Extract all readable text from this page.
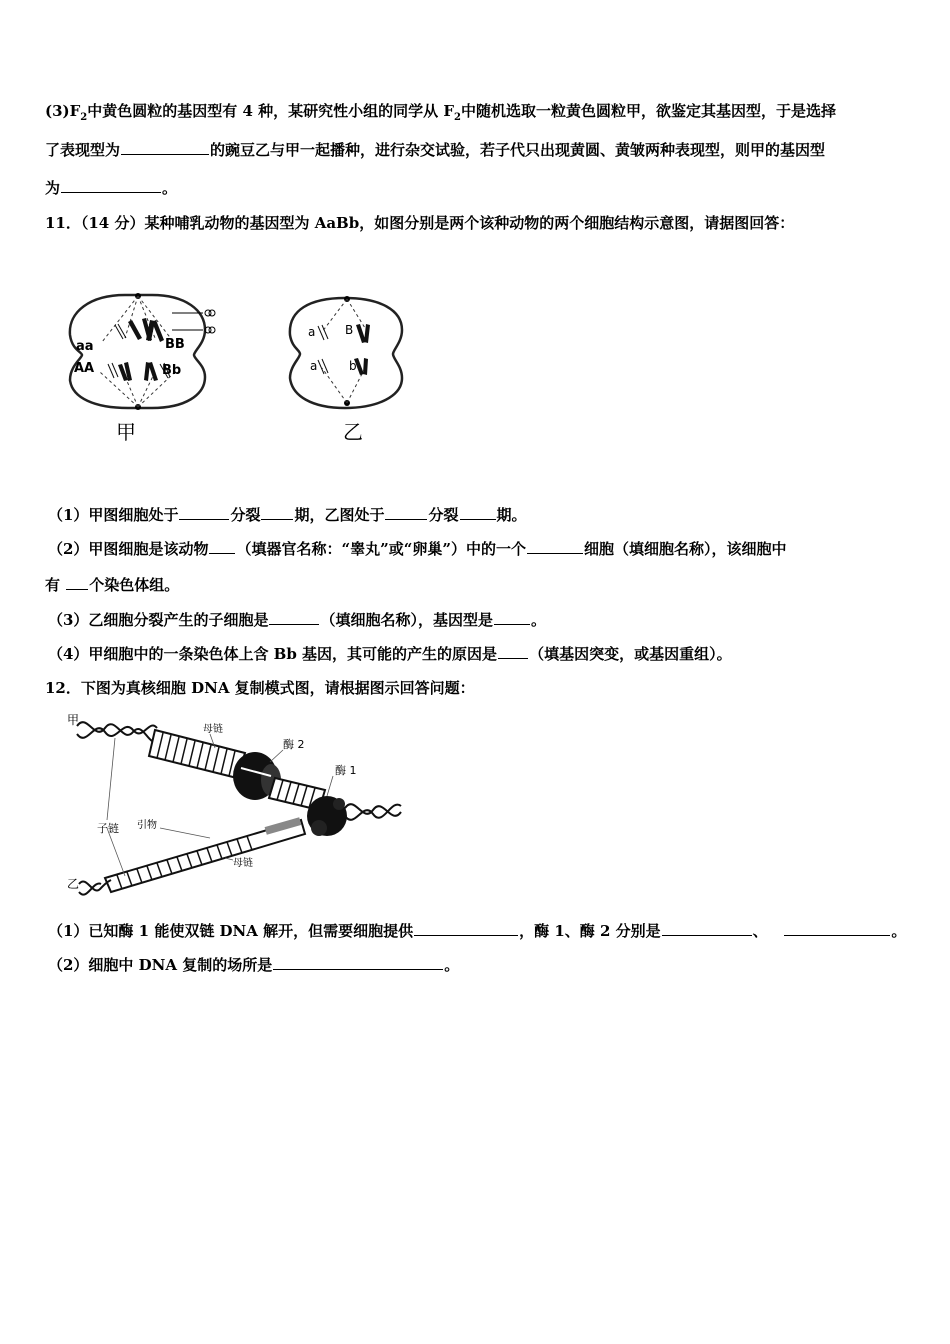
$(3)F_2$中黄色圆粒的基因型有 4 种，某研究性小组的同学从 $F_2$中随机选取一粒黄色圆粒甲，欲鉴定其基因型，于是选择
了表现型为	的豌豆乙与甲一起播种，进行杂交试验，若子代只出现黄圆、黄皱两种表现型，则甲的基因型
为	。
11．（14 分）某种哺乳动物的基因型为 AaBb，如图分别是两个该种动物的两个细胞结构示意图，请据图回答：
aa
AA
BB
Bb
甲
a B
a	b
乙
（1）甲图细胞处于	分裂 期，乙图处于	分裂	期。
（2）甲图细胞是该动物 （填器官名称：“睾丸”或“卵巢”）中的一个	细胞（填细胞名称），该细胞中
有 个染色体组。
（3）乙细胞分裂产生的子细胞是	（填细胞名称），基因型是	。
（4）甲细胞中的一条染色体上含 Bb 基因，其可能的产生的原因是 （填基因突变，或基因重组）。
12．下图为真核细胞 DNA 复制模式图，请根据图示回答问题：
甲
母链
酶 2
酶 1
子链 引物
母链
乙
（1）已知酶 1 能使双链 DNA 解开，但需要细胞提供	，酶 1、酶 2 分别是	、	。
（2）细胞中 DNA 复制的场所是	。
